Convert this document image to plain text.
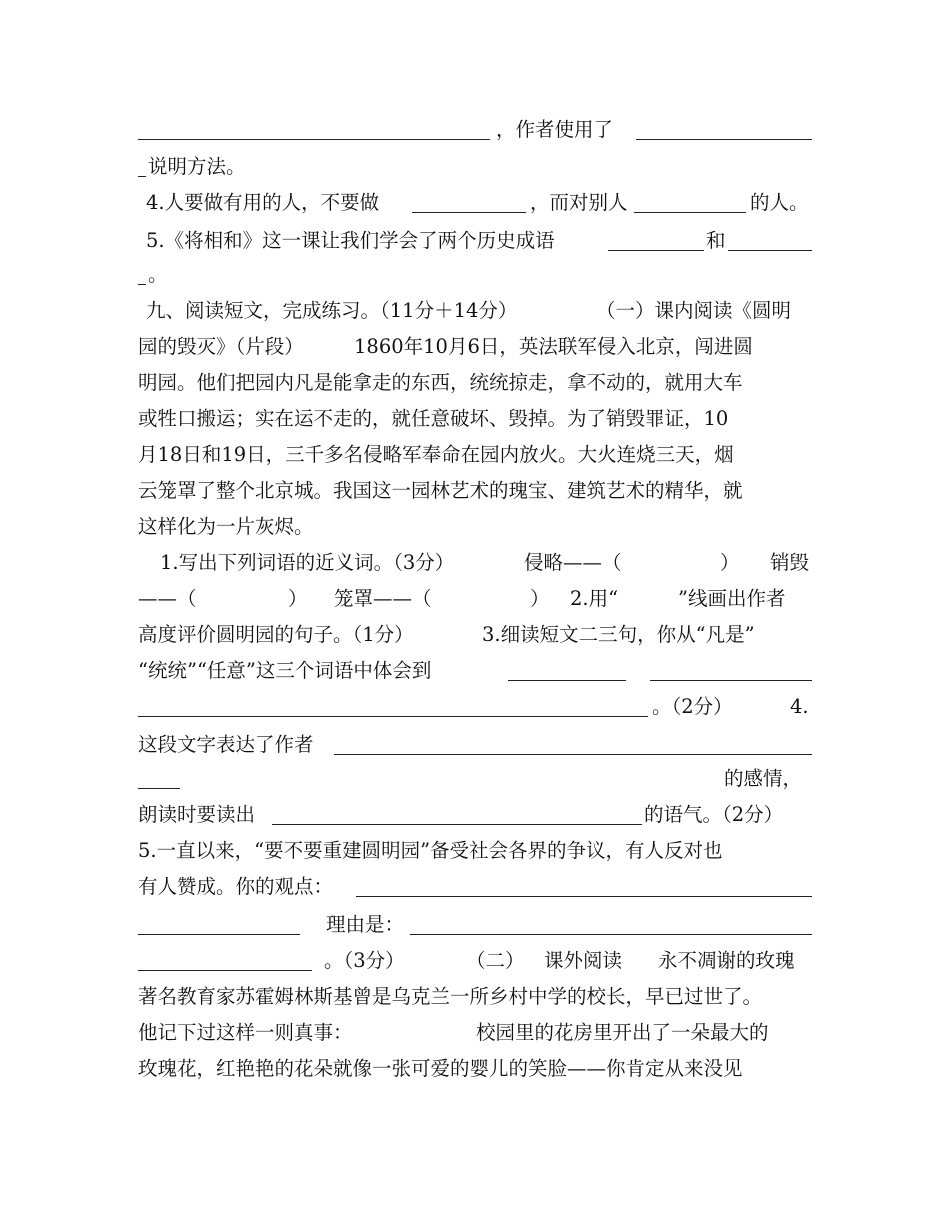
，作者使用了
说明方法。
4.人要做有用的人，不要做	，而对别人	的人。
5.《将相和》这一课让我们学会了两个历史成语	和
。
九、阅读短文，完成练习。（11分＋14分）	（一）课内阅读《圆明
园的毁灭》（片段）	1860年10月6日，英法联军侵入北京，闯进圆
明园。他们把园内凡是能拿走的东西，统统掠走，拿不动的，就用大车
或牲口搬运；实在运不走的，就任意破坏、毁掉。为了销毁罪证，10
月18日和19日，三千多名侵略军奉命在园内放火。大火连烧三天，烟
云笼罩了整个北京城。我国这一园林艺术的瑰宝、建筑艺术的精华，就
这样化为一片灰烬。
1.写出下列词语的近义词。（3分）	侵略——（	） 销毁
——（	） 笼罩——（	） 2.用“	”线画出作者
高度评价圆明园的句子。（1分）	3.细读短文二三句，你从“凡是”
“统统”“任意”这三个词语中体会到
。（2分）	4.
这段文字表达了作者
的感情，
朗读时要读出	的语气。（2分）
5.一直以来，“要不要重建圆明园”备受社会各界的争议，有人反对也
有人赞成。你的观点：
理由是：
。（3分）	（二） 课外阅读 永不凋谢的玫瑰
著名教育家苏霍姆林斯基曾是乌克兰一所乡村中学的校长，早已过世了。
他记下过这样一则真事：	校园里的花房里开出了一朵最大的
玫瑰花，红艳艳的花朵就像一张可爱的婴儿的笑脸——你肯定从来没见
